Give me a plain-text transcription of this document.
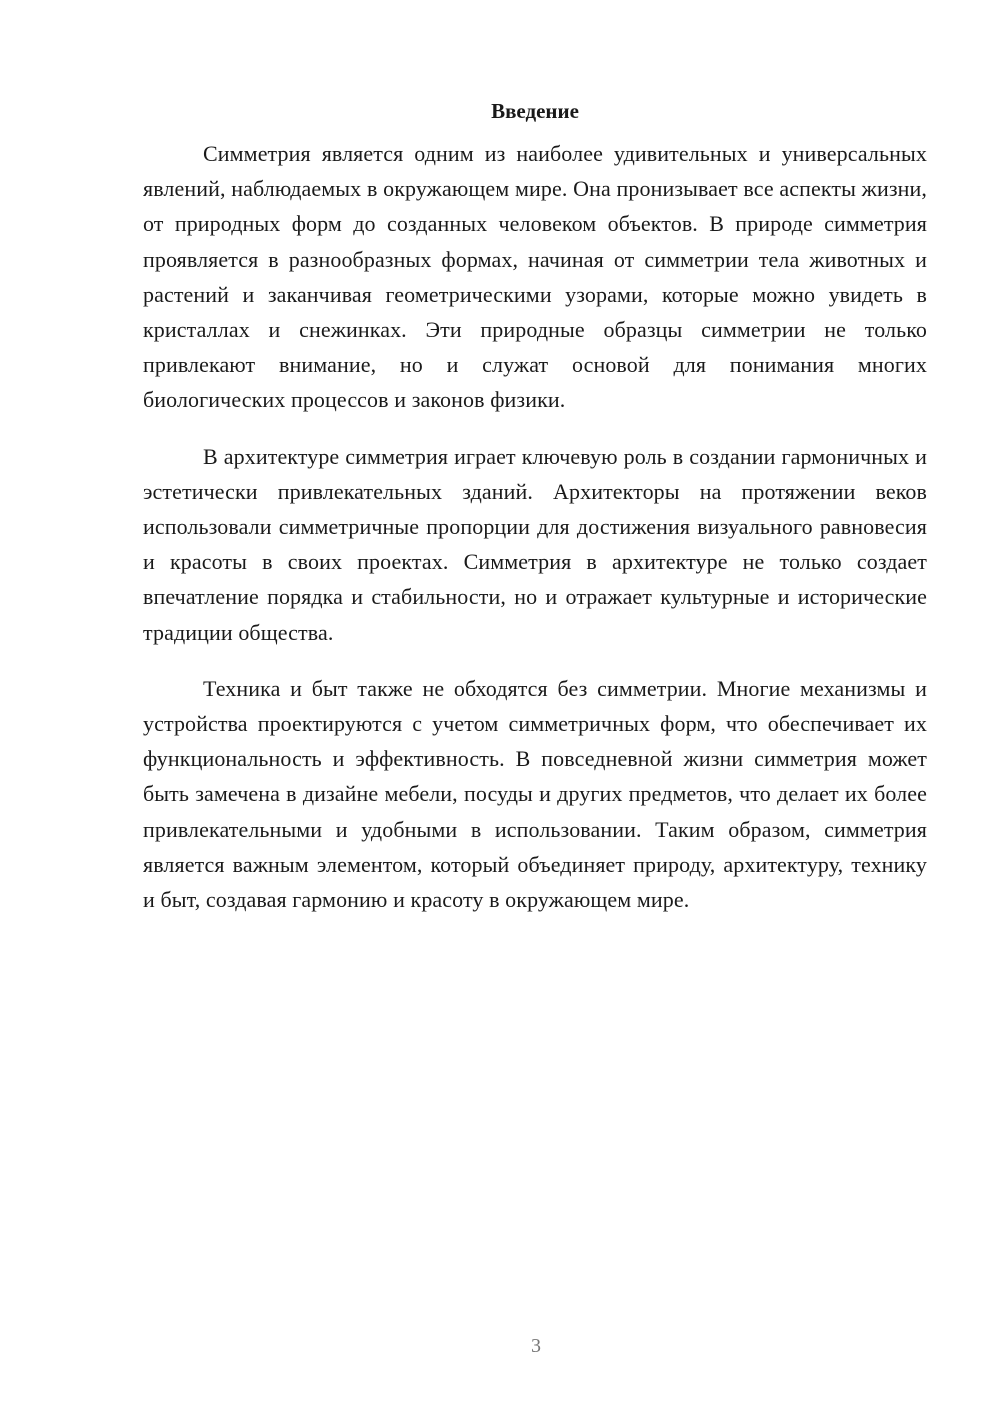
Введение

Симметрия является одним из наиболее удивительных и универсальных явлений, наблюдаемых в окружающем мире. Она пронизывает все аспекты жизни, от природных форм до созданных человеком объектов. В природе симметрия проявляется в разнообразных формах, начиная от симметрии тела животных и растений и заканчивая геометрическими узорами, которые можно увидеть в кристаллах и снежинках. Эти природные образцы симметрии не только привлекают внимание, но и служат основой для понимания многих биологических процессов и законов физики.

В архитектуре симметрия играет ключевую роль в создании гармоничных и эстетически привлекательных зданий. Архитекторы на протяжении веков использовали симметричные пропорции для достижения визуального равновесия и красоты в своих проектах. Симметрия в архитектуре не только создает впечатление порядка и стабильности, но и отражает культурные и исторические традиции общества.

Техника и быт также не обходятся без симметрии. Многие механизмы и устройства проектируются с учетом симметричных форм, что обеспечивает их функциональность и эффективность. В повседневной жизни симметрия может быть замечена в дизайне мебели, посуды и других предметов, что делает их более привлекательными и удобными в использовании. Таким образом, симметрия является важным элементом, который объединяет природу, архитектуру, технику и быт, создавая гармонию и красоту в окружающем мире.

3
